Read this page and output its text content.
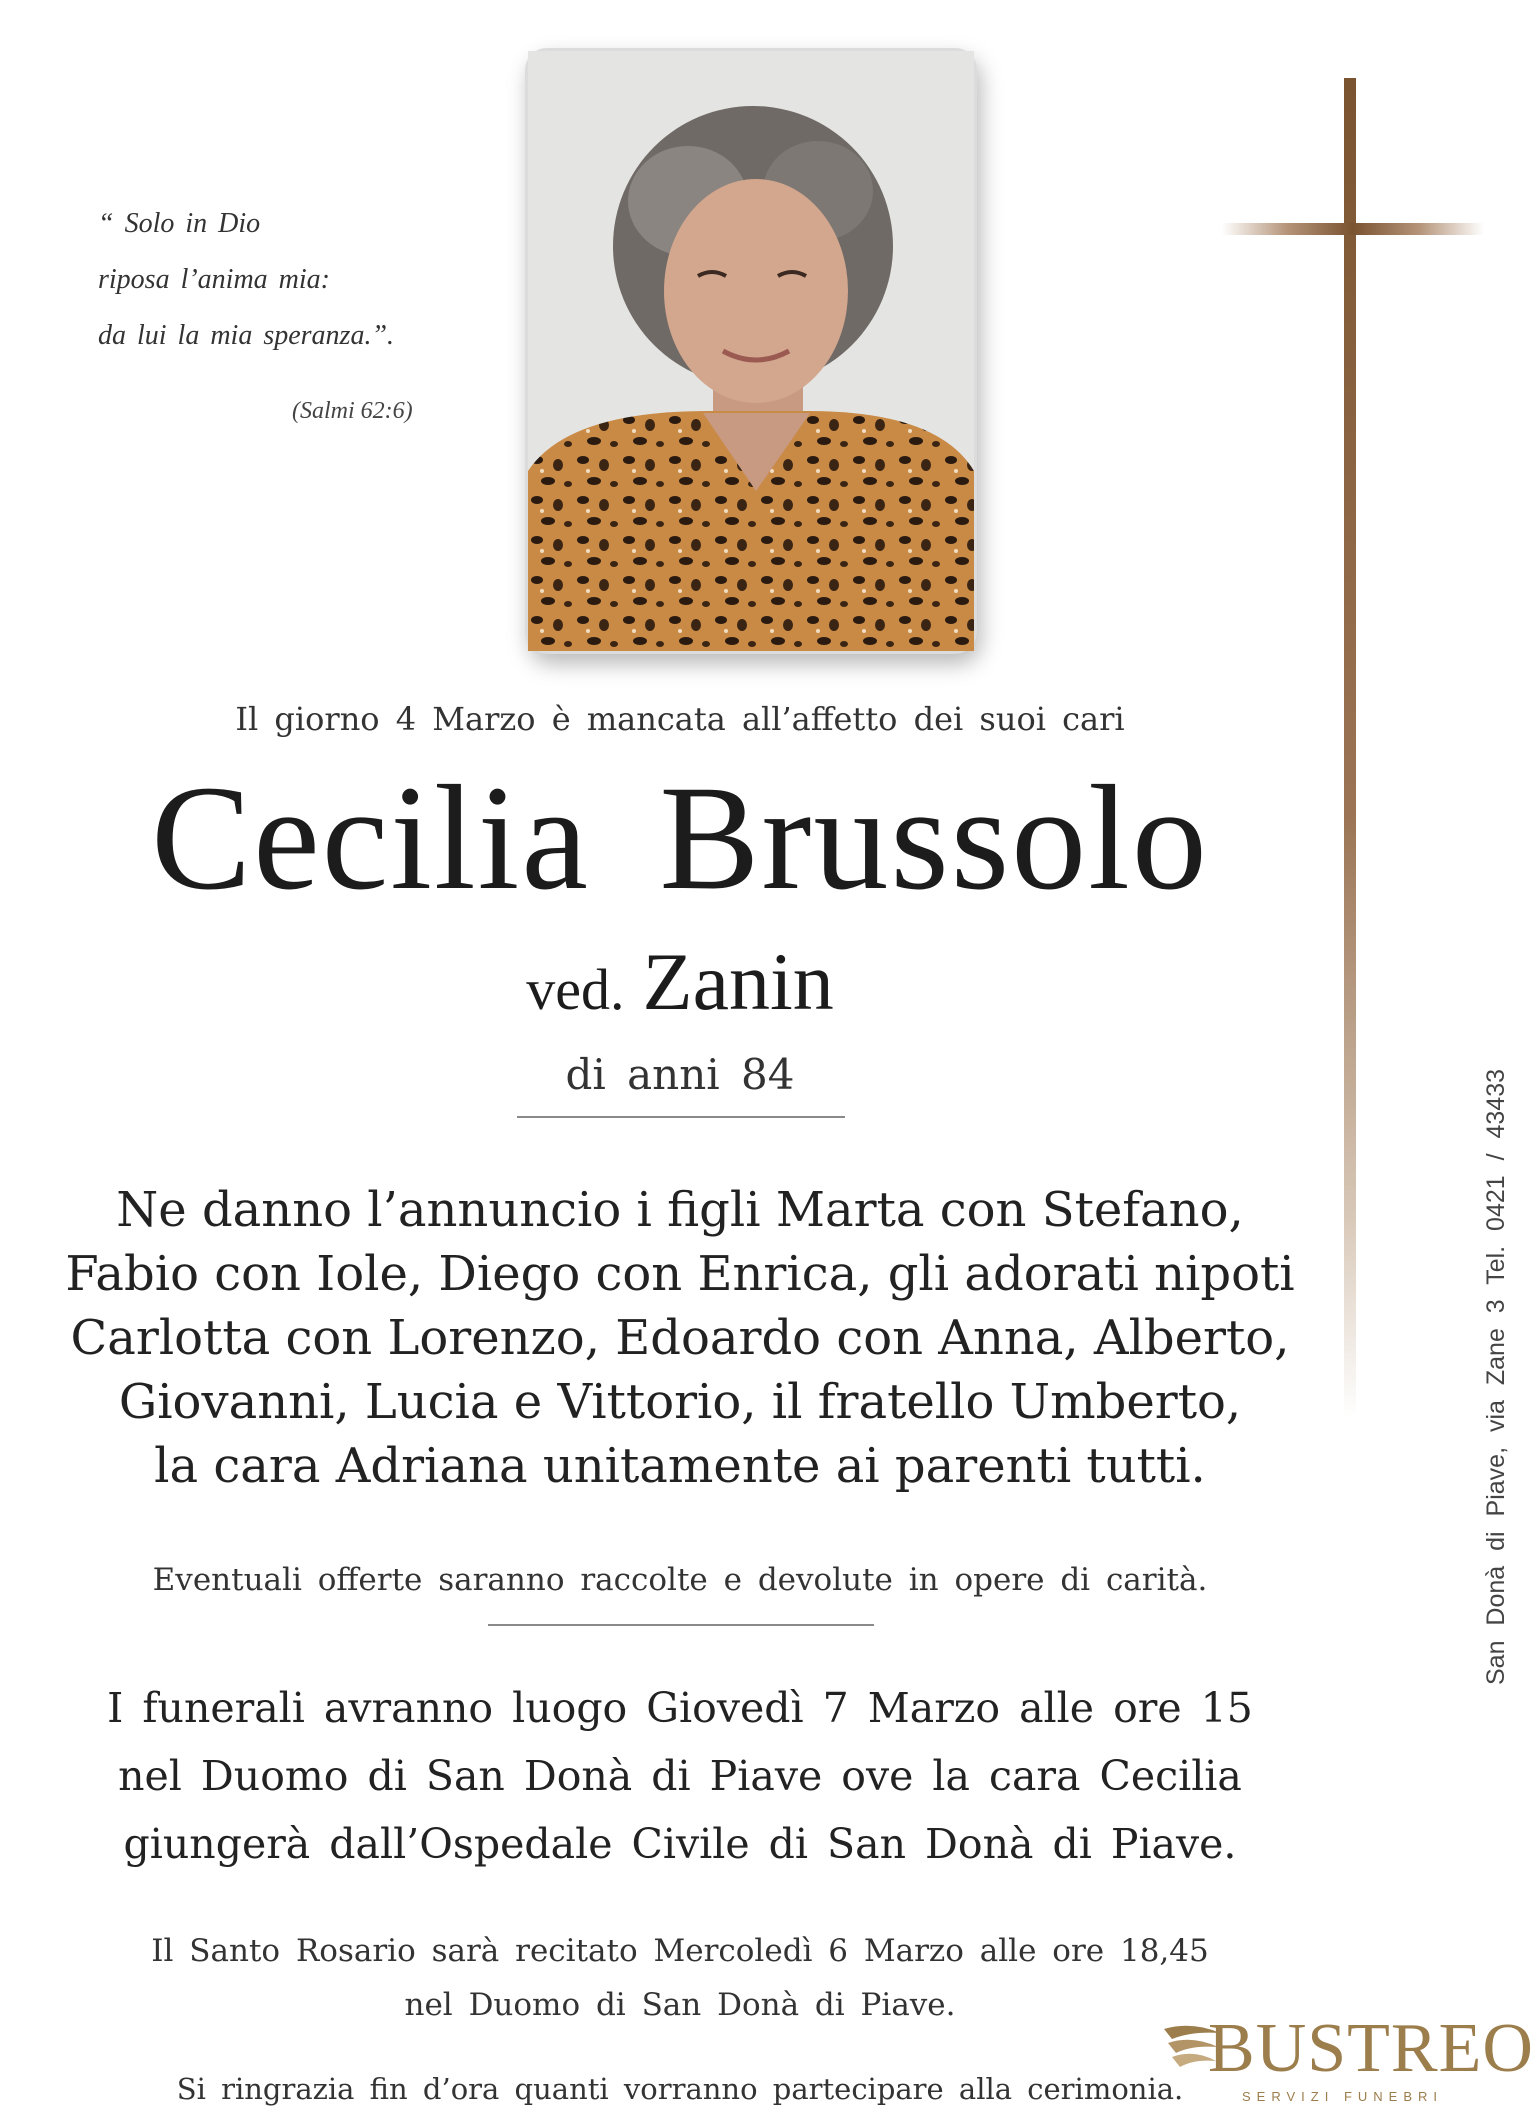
“ Solo in Dio
riposa l’anima mia:
da lui la mia speranza.”.
(Salmi 62:6)
Il giorno 4 Marzo è mancata all’affetto dei suoi cari
Cecilia Brussolo
ved. Zanin
di anni 84
Ne danno l’annuncio i figli Marta con Stefano,
Fabio con Iole, Diego con Enrica, gli adorati nipoti
Carlotta con Lorenzo, Edoardo con Anna, Alberto,
Giovanni, Lucia e Vittorio, il fratello Umberto,
la cara Adriana unitamente ai parenti tutti.
Eventuali offerte saranno raccolte e devolute in opere di carità.
I funerali avranno luogo Giovedì 7 Marzo alle ore 15
nel Duomo di San Donà di Piave ove la cara Cecilia
giungerà dall’Ospedale Civile di San Donà di Piave.
Il Santo Rosario sarà recitato Mercoledì 6 Marzo alle ore 18,45
nel Duomo di San Donà di Piave.
Si ringrazia fin d’ora quanti vorranno partecipare alla cerimonia.
San Donà di Piave, via Zane 3 Tel. 0421 / 43433
BUSTREO
SERVIZI FUNEBRI
